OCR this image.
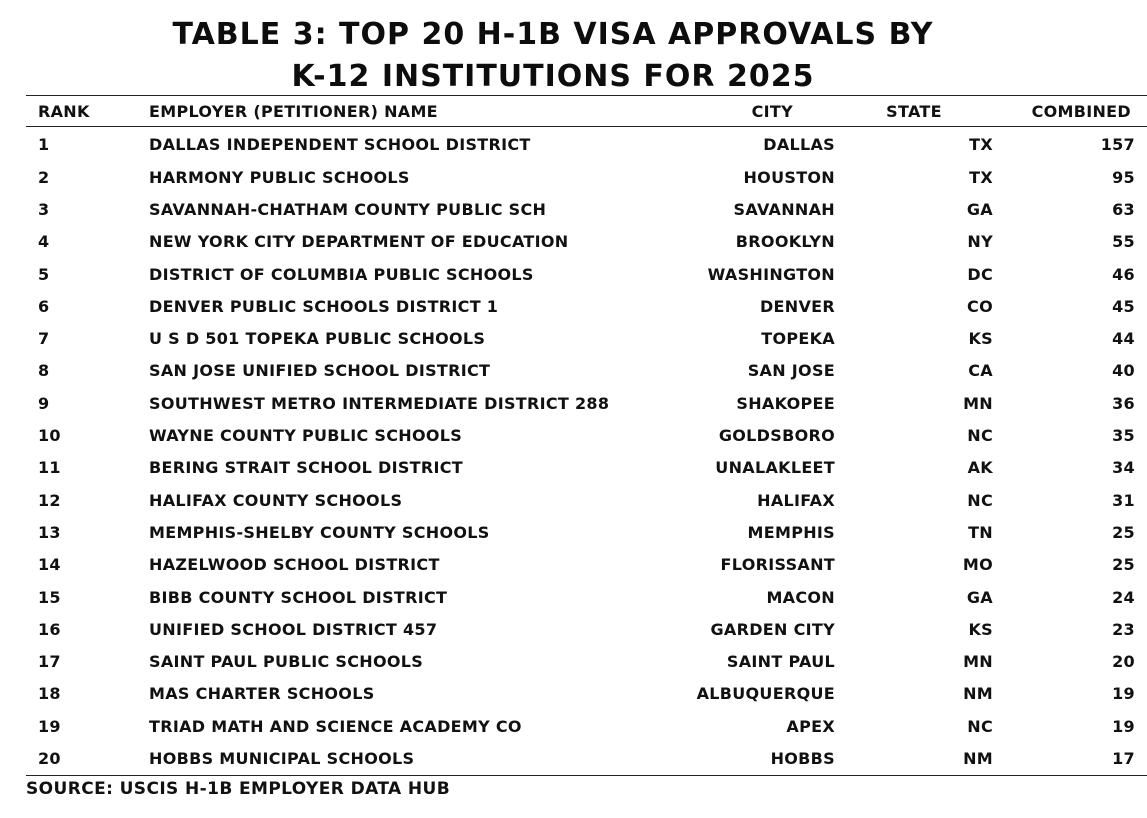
TABLE 3: TOP 20 H-1B VISA APPROVALS BY
K-12 INSTITUTIONS FOR 2025
RANK	EMPLOYER (PETITIONER) NAME	CITY	STATE	COMBINED
1	DALLAS INDEPENDENT SCHOOL DISTRICT	DALLAS	TX	157
2	HARMONY PUBLIC SCHOOLS	HOUSTON	TX	95
3	SAVANNAH-CHATHAM COUNTY PUBLIC SCH	SAVANNAH	GA	63
4	NEW YORK CITY DEPARTMENT OF EDUCATION	BROOKLYN	NY	55
5	DISTRICT OF COLUMBIA PUBLIC SCHOOLS	WASHINGTON	DC	46
6	DENVER PUBLIC SCHOOLS DISTRICT 1	DENVER	CO	45
7	U S D 501 TOPEKA PUBLIC SCHOOLS	TOPEKA	KS	44
8	SAN JOSE UNIFIED SCHOOL DISTRICT	SAN JOSE	CA	40
9	SOUTHWEST METRO INTERMEDIATE DISTRICT 288	SHAKOPEE	MN	36
10	WAYNE COUNTY PUBLIC SCHOOLS	GOLDSBORO	NC	35
11	BERING STRAIT SCHOOL DISTRICT	UNALAKLEET	AK	34
12	HALIFAX COUNTY SCHOOLS	HALIFAX	NC	31
13	MEMPHIS-SHELBY COUNTY SCHOOLS	MEMPHIS	TN	25
14	HAZELWOOD SCHOOL DISTRICT	FLORISSANT	MO	25
15	BIBB COUNTY SCHOOL DISTRICT	MACON	GA	24
16	UNIFIED SCHOOL DISTRICT 457	GARDEN CITY	KS	23
17	SAINT PAUL PUBLIC SCHOOLS	SAINT PAUL	MN	20
18	MAS CHARTER SCHOOLS	ALBUQUERQUE	NM	19
19	TRIAD MATH AND SCIENCE ACADEMY CO	APEX	NC	19
20	HOBBS MUNICIPAL SCHOOLS	HOBBS	NM	17
SOURCE: USCIS H-1B EMPLOYER DATA HUB
